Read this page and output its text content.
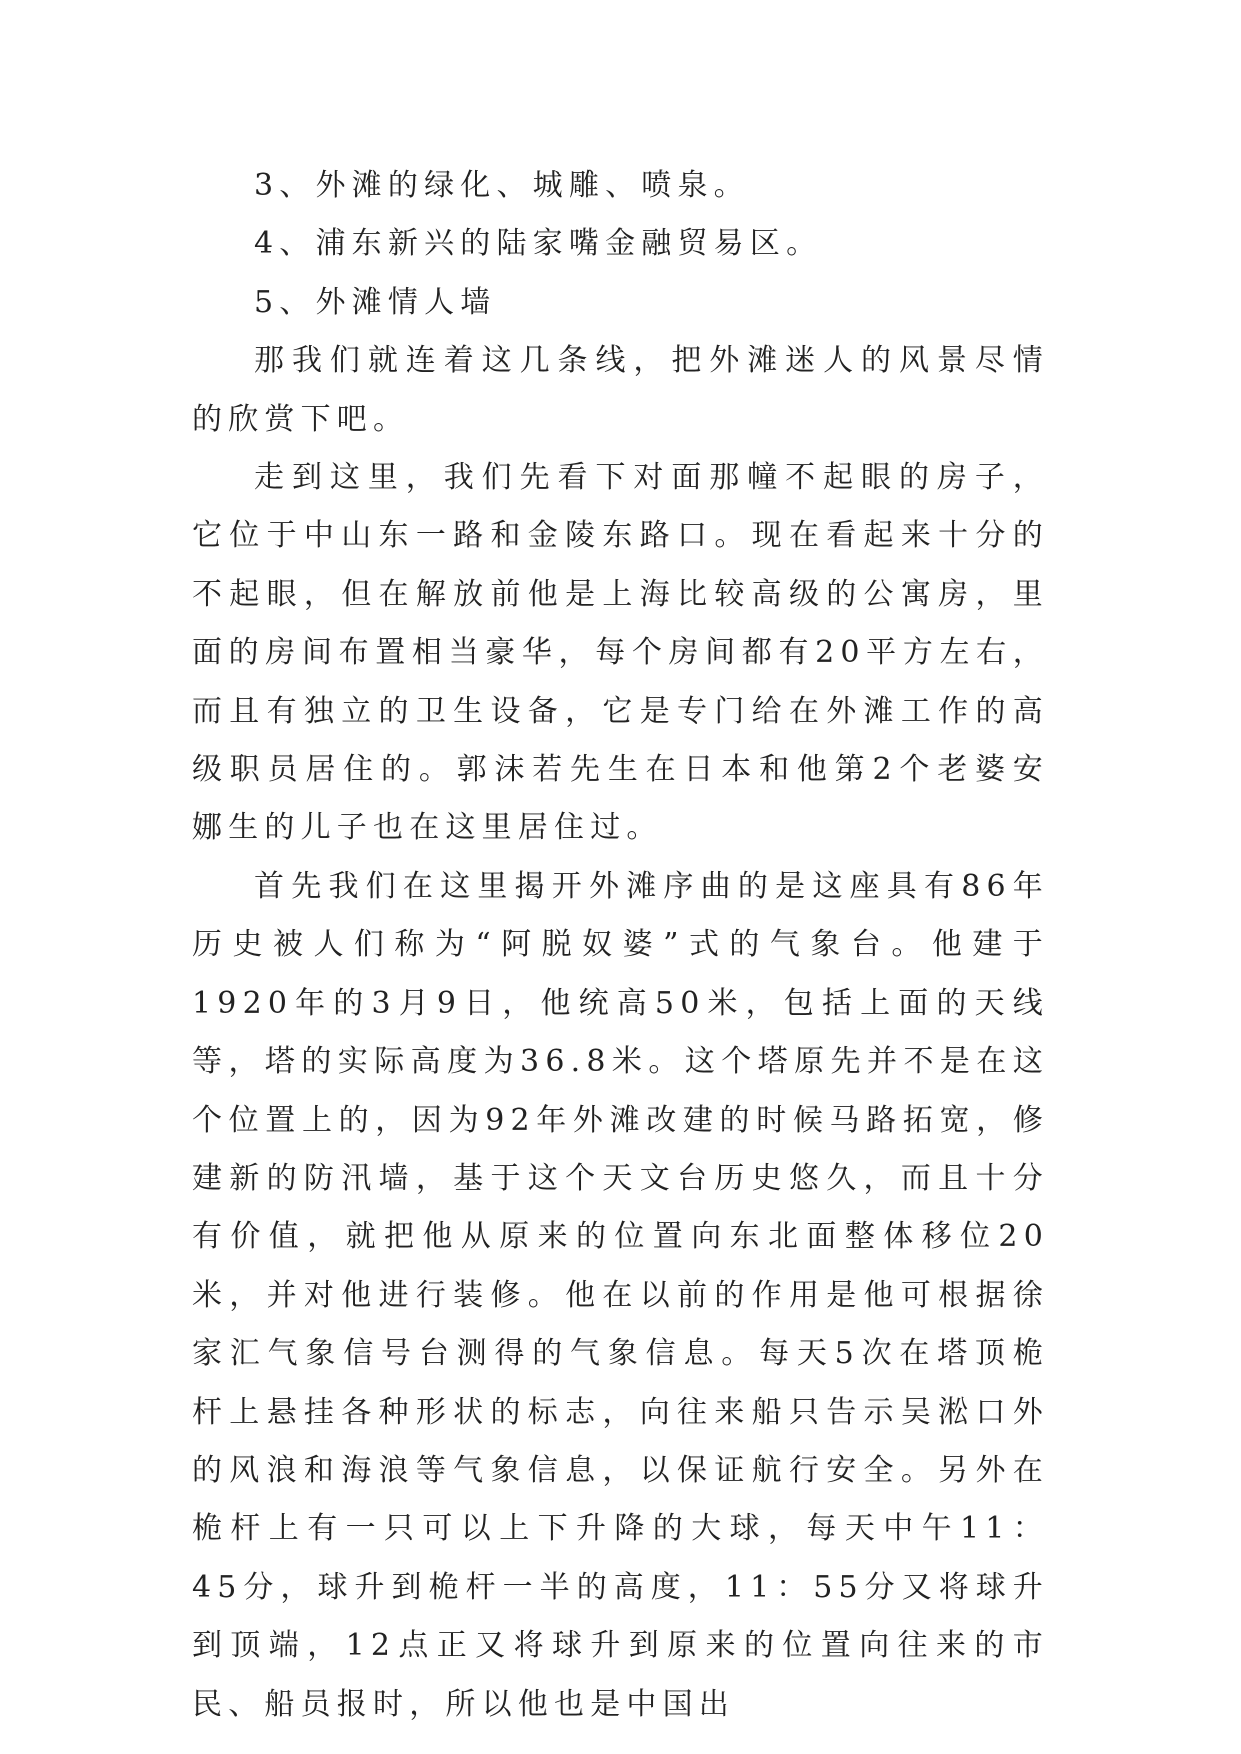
3、外滩的绿化、城雕、喷泉。

4、浦东新兴的陆家嘴金融贸易区。

5、外滩情人墙

那我们就连着这几条线，把外滩迷人的风景尽情的欣赏下吧。

走到这里，我们先看下对面那幢不起眼的房子，它位于中山东一路和金陵东路口。现在看起来十分的不起眼，但在解放前他是上海比较高级的公寓房，里面的房间布置相当豪华，每个房间都有20平方左右，而且有独立的卫生设备，它是专门给在外滩工作的高级职员居住的。郭沫若先生在日本和他第2个老婆安娜生的儿子也在这里居住过。

首先我们在这里揭开外滩序曲的是这座具有86年历史被人们称为“阿脱奴婆”式的气象台。他建于1920年的3月9日，他统高50米，包括上面的天线等，塔的实际高度为36.8米。这个塔原先并不是在这个位置上的，因为92年外滩改建的时候马路拓宽，修建新的防汛墙，基于这个天文台历史悠久，而且十分有价值，就把他从原来的位置向东北面整体移位20米，并对他进行装修。他在以前的作用是他可根据徐家汇气象信号台测得的气象信息。每天5次在塔顶桅杆上悬挂各种形状的标志，向往来船只告示吴淞口外的风浪和海浪等气象信息，以保证航行安全。另外在桅杆上有一只可以上下升降的大球，每天中午11：45分，球升到桅杆一半的高度，11：55分又将球升到顶端，12点正又将球升到原来的位置向往来的市民、船员报时，所以他也是中国出
